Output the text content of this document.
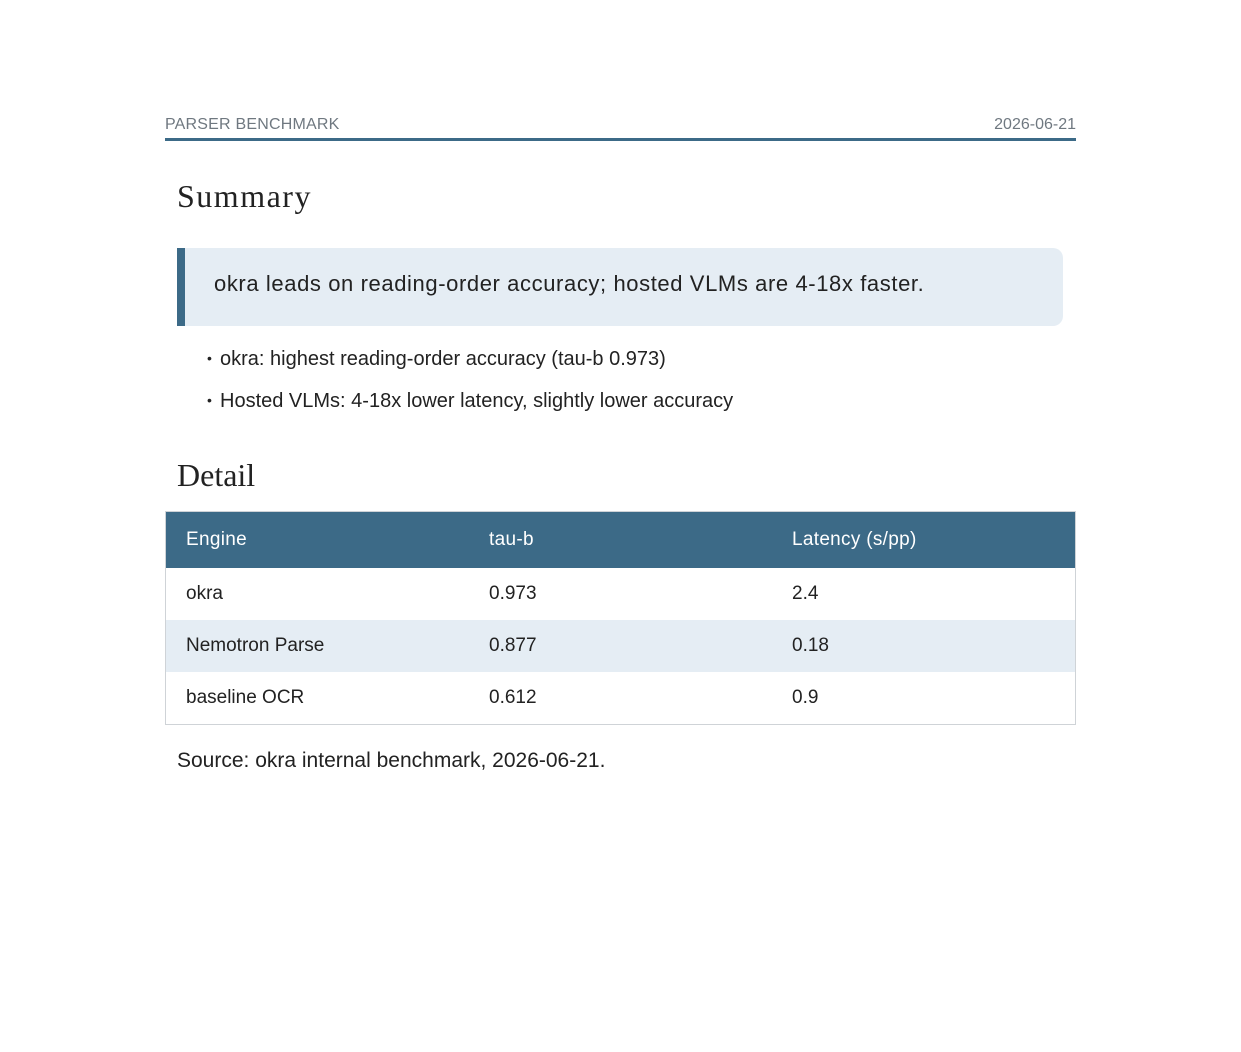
PARSER BENCHMARK	2026-06-21
Summary
okra leads on reading-order accuracy; hosted VLMs are 4-18x faster.
• okra: highest reading-order accuracy (tau-b 0.973)
• Hosted VLMs: 4-18x lower latency, slightly lower accuracy
Detail
Engine	tau-b	Latency (s/pp)
okra	0.973	2.4
Nemotron Parse	0.877	0.18
baseline OCR	0.612	0.9
Source: okra internal benchmark, 2026-06-21.
